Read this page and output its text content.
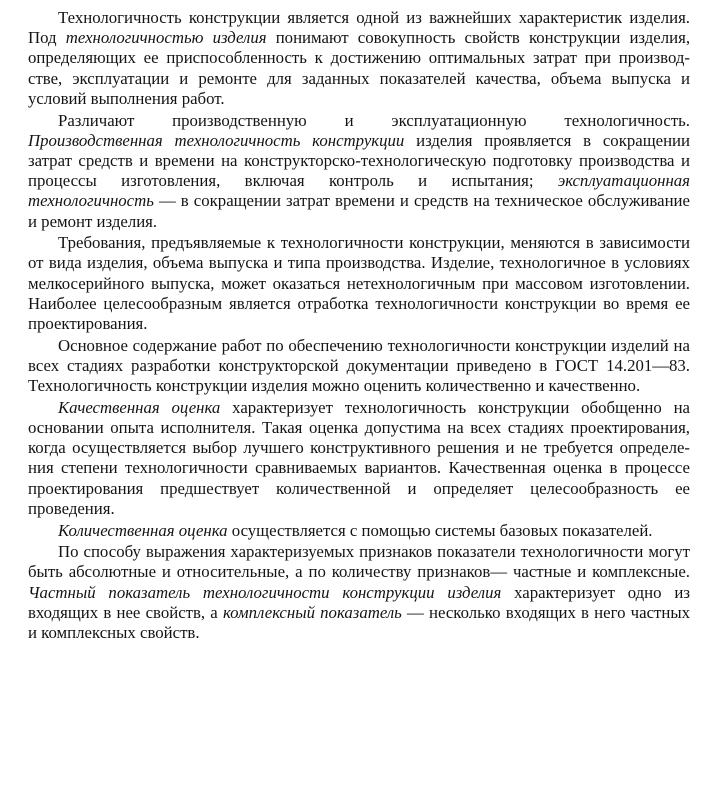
Технологичность конструкции является одной из важнейших характеристик изделия. Под технологичностью изделия понимают совокупность свойств конструкции изделия, определяющих ее приспособленность к достижению оптимальных затрат при производстве, эксплуатации и ремонте для заданных показателей качества, объема выпуска и условий выполнения работ.

Различают производственную и эксплуатационную технологичность. Производственная технологичность конструкции изделия проявляется в сокращении затрат средств и времени на конструкторско-технологическую подготовку производства и процессы изготовления, включая контроль и испытания; эксплуатационная технологичность — в сокращении затрат времени и средств на техническое обслуживание и ремонт изделия.

Требования, предъявляемые к технологичности конструкции, меняются в зависимости от вида изделия, объема выпуска и типа производства. Изделие, технологичное в условиях мелкосерийного выпуска, может оказаться нетехнологичным при массовом изготовлении. Наиболее целесообразным является отработка технологичности конструкции во время ее проектирования.

Основное содержание работ по обеспечению технологичности конструкции изделий на всех стадиях разработки конструкторской документации приведено в ГОСТ 14.201—83. Технологичность конструкции изделия можно оценить количественно и качественно.

Качественная оценка характеризует технологичность конструкции обобщенно на основании опыта исполнителя. Такая оценка допустима на всех стадиях проектирования, когда осуществляется выбор лучшего конструктивного решения и не требуется определения степени технологичности сравниваемых вариантов. Качественная оценка в процессе проектирования предшествует количественной и определяет целесообразность ее проведения.

Количественная оценка осуществляется с помощью системы базовых показателей.

По способу выражения характеризуемых признаков показатели технологичности могут быть абсолютные и относительные, а по количеству признаков— частные и комплексные. Частный показатель технологичности конструкции изделия характеризует одно из входящих в нее свойств, а комплексный показатель — несколько входящих в него частных и комплексных свойств.
